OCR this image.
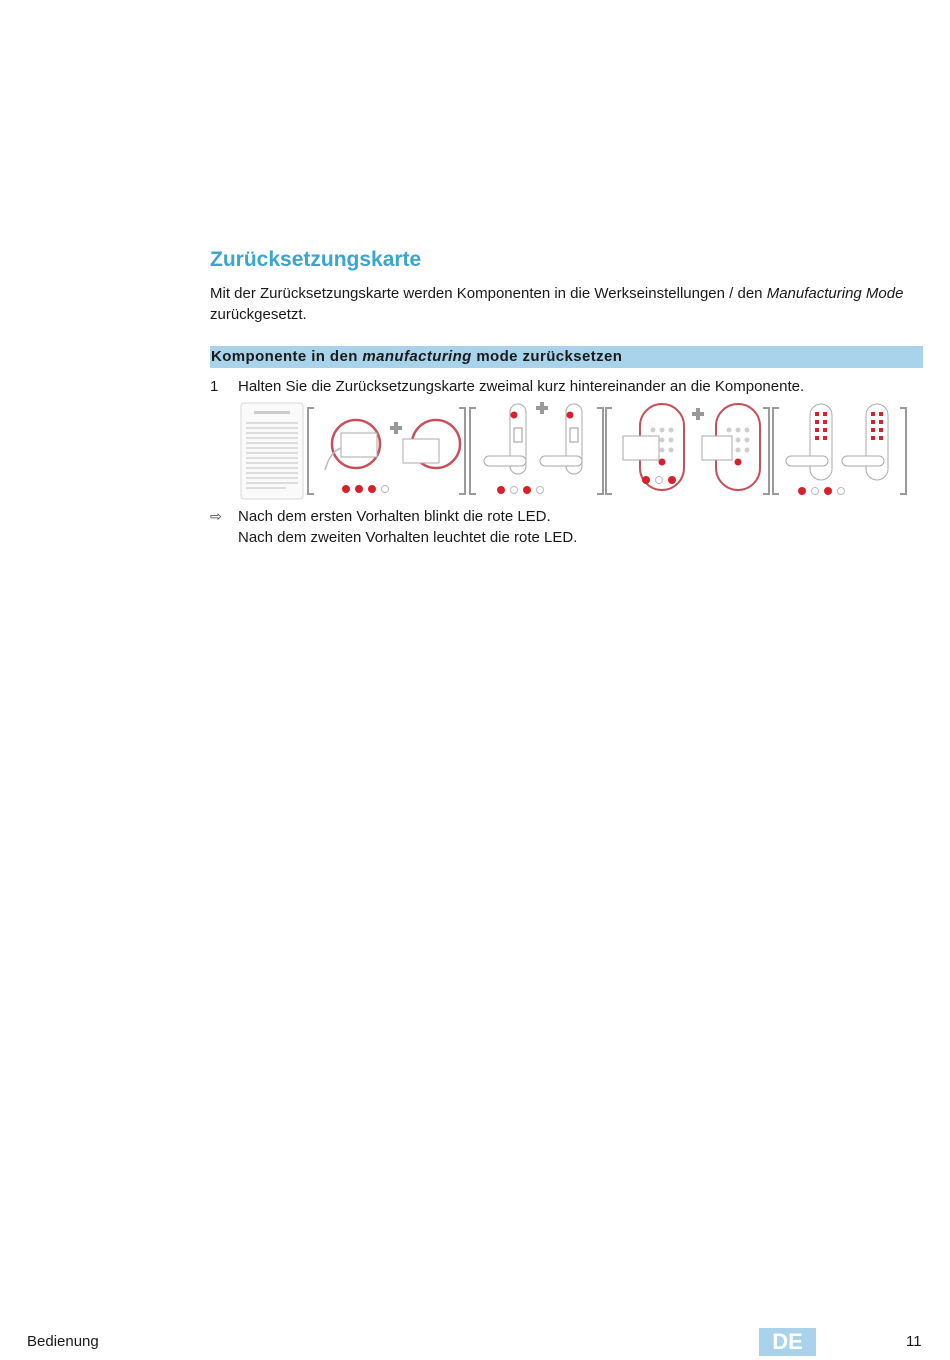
Zurücksetzungskarte

Mit der Zurücksetzungskarte werden Komponenten in die Werkseinstellungen / den Manufacturing Mode zurückgesetzt.

Komponente in den manufacturing mode zurücksetzen
1 Halten Sie die Zurücksetzungskarte zweimal kurz hintereinander an die Komponente.
⇨ Nach dem ersten Vorhalten blinkt die rote LED.
Nach dem zweiten Vorhalten leuchtet die rote LED.
Bedienung	DE	11
